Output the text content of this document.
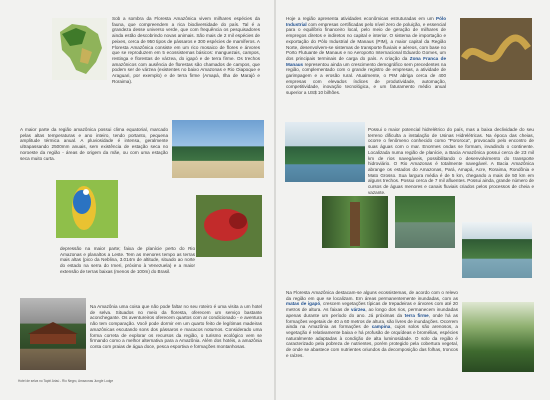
Sob a sombra da Floresta Amazônica vivem milhares espécies da fauna, que compreendem a rica biodiversidade do país. Tal é a grandeza desse universo verde, que com frequência os pesquisadores ainda estão descobrindo novas animais. São mais de 2 mil espécies de peixes, cerca de 950 tipos de pássaros e 300 espécies de mamíferos. A Floresta Amazônica consiste em um rico mosaico de flores e árvores que se reproduzem em 5 ecossistemas básicos: manguezais, campos, restinga e florestas de várzea, do igapó e de terra firme. Os trechos amazônicos com ausência de florestas são chamados de campos, que podem ser de várzea (existentes no baixo Amazonas e Rio Oiapoque e Araguari, por exemplo) e de terra firme (Amapá, Ilha de Marajó e Roraima).

A maior parte da região amazônica possui clima equatorial, marcado pelas altas temperaturas e ano inteiro, tendo portanto, pequena amplitude térmica anual. A pluviosidade é intensa, geralmente ultrapassando 2500mm anuais, sem existência de estação seca no noroeste da região - áreas de origem da mãe, ou com uma estação seca muito curta.

depressão na maior parte; faixa de planície perto do Rio Amazonas e planaltos a Leste. Tem as menores tempo as terras mais altas (pico da Neblina, 3.014m de altitude, situado ao norte do estado na serra do Imeri, próximo à Venezuela) e a maior extensão de terras baixas (menos de 100m) do Brasil.

Hotel de selva no Tapiri Ariaú - Rio Negro, Amazonas Jungle Lodge

Na Amazônia uma coisa que não pode faltar no seu roteiro é uma visita a um hotel de selva. Situados no meio da floresta, oferecem um serviço bastante aconchegante. Os aventureiros oferecem quartos com ar condicionado - e aventura não tem comparação. Você pode dormir em um quarto feito de legítimas madeiras amazônicas escutando sons dos pássaros e macacos noturnos. Considerado uma forma correta de explorar os recursos da região, o turismo ecológico vem se firmando como a melhor alternativa para a Amazônia. Além dos hotéis, a amazônia conta com praias de água doce, pesca esportiva e formações montanhosas.

Hoje a região apresenta atividades econômicas estruturadas em um Pólo Industrial com empresas certificadas pelo nível zero de poluição, e essencial para o equilíbrio financeiro local, pelo meio de geração de milhares de empregos diretos e indiretos no capital e interior. O sistema de importação e exportação do Pólo Industrial de Manaus (PIM), a maior capital da Região Norte, desenvolvem-se sistemas de transporte fluviais e aéreos, com base no Porto Flutuante de Manaus e no Aeroporto Internacional Eduardo Gomes, um dos principais terminais de carga do país. A criação da Zona Franca de Manaus representou ainda um crescimento demográfico sem precedentes na região, complementado com o grande registro de empresas, a atividade de garimpagem e a erosão rural. Atualmente, o PIM abriga cerca de 400 empresas com elevados índices de produtividade, automação, competitividade, inovação tecnológica, e um faturamento médio anual superior a US$ 10 bilhões.

Possui o maior potencial hidrelétrico do país, mas a baixa declividade do seu terreno dificulta a instalação de Usinas Hidrelétricas. Na época das cheias, ocorre o fenômeno conhecido como "Pororoca", provocado pelo encontro de suas águas com o mar. Enormes ondas se formam, invadindo o continente. Localizada numa região de planície, a Bacia Amazônica possui cerca de 23 mil km de rios navegáveis, possibilitando o desenvolvimento do transporte hidroviário. O Rio Amazonas é totalmente navegável. A Bacia Amazônica abrange os estados do Amazonas, Pará, Amapá, Acre, Roraima, Rondônia e Mato Grosso. Sua largura média é de 5 km, chegando a mais de 50 km em alguns trechos. Possui cerca de 7 mil afluentes. Possui ainda, grande número de cursos de águas menores e canais fluviais criados pelos processos de cheia e vazante.

Na Floresta Amazônica destacam-se alguns ecossistemas, de acordo com o relevo da região em que se localizam. Em áreas permanentemente inundadas, com as matas de igapó, crescem vegetações típicas de trepadeiras e árvores com até 20 metros de altura. As faixas de várzea, ao longo dos rios, permanecem inundadas apenas durante um período do ano. Já próximas da terra firme, onde há as formações vegetais de 40 a 60 metros de altura, são livres de inundações. Ocorrem ainda na Amazônia as formações de campina, cujos solos são arenosos, a vegetação é relativamente baixa e há profusão de orquídeas e bromélias, espécies naturalmente adaptadas à condição de alta luminosidade. O solo da região é caracterizado pela pobreza de nutrientes, porém protegido pela cobertura vegetal, de onde se abastece com nutrientes oriundos da decomposição das folhas, troncos e raízes.
